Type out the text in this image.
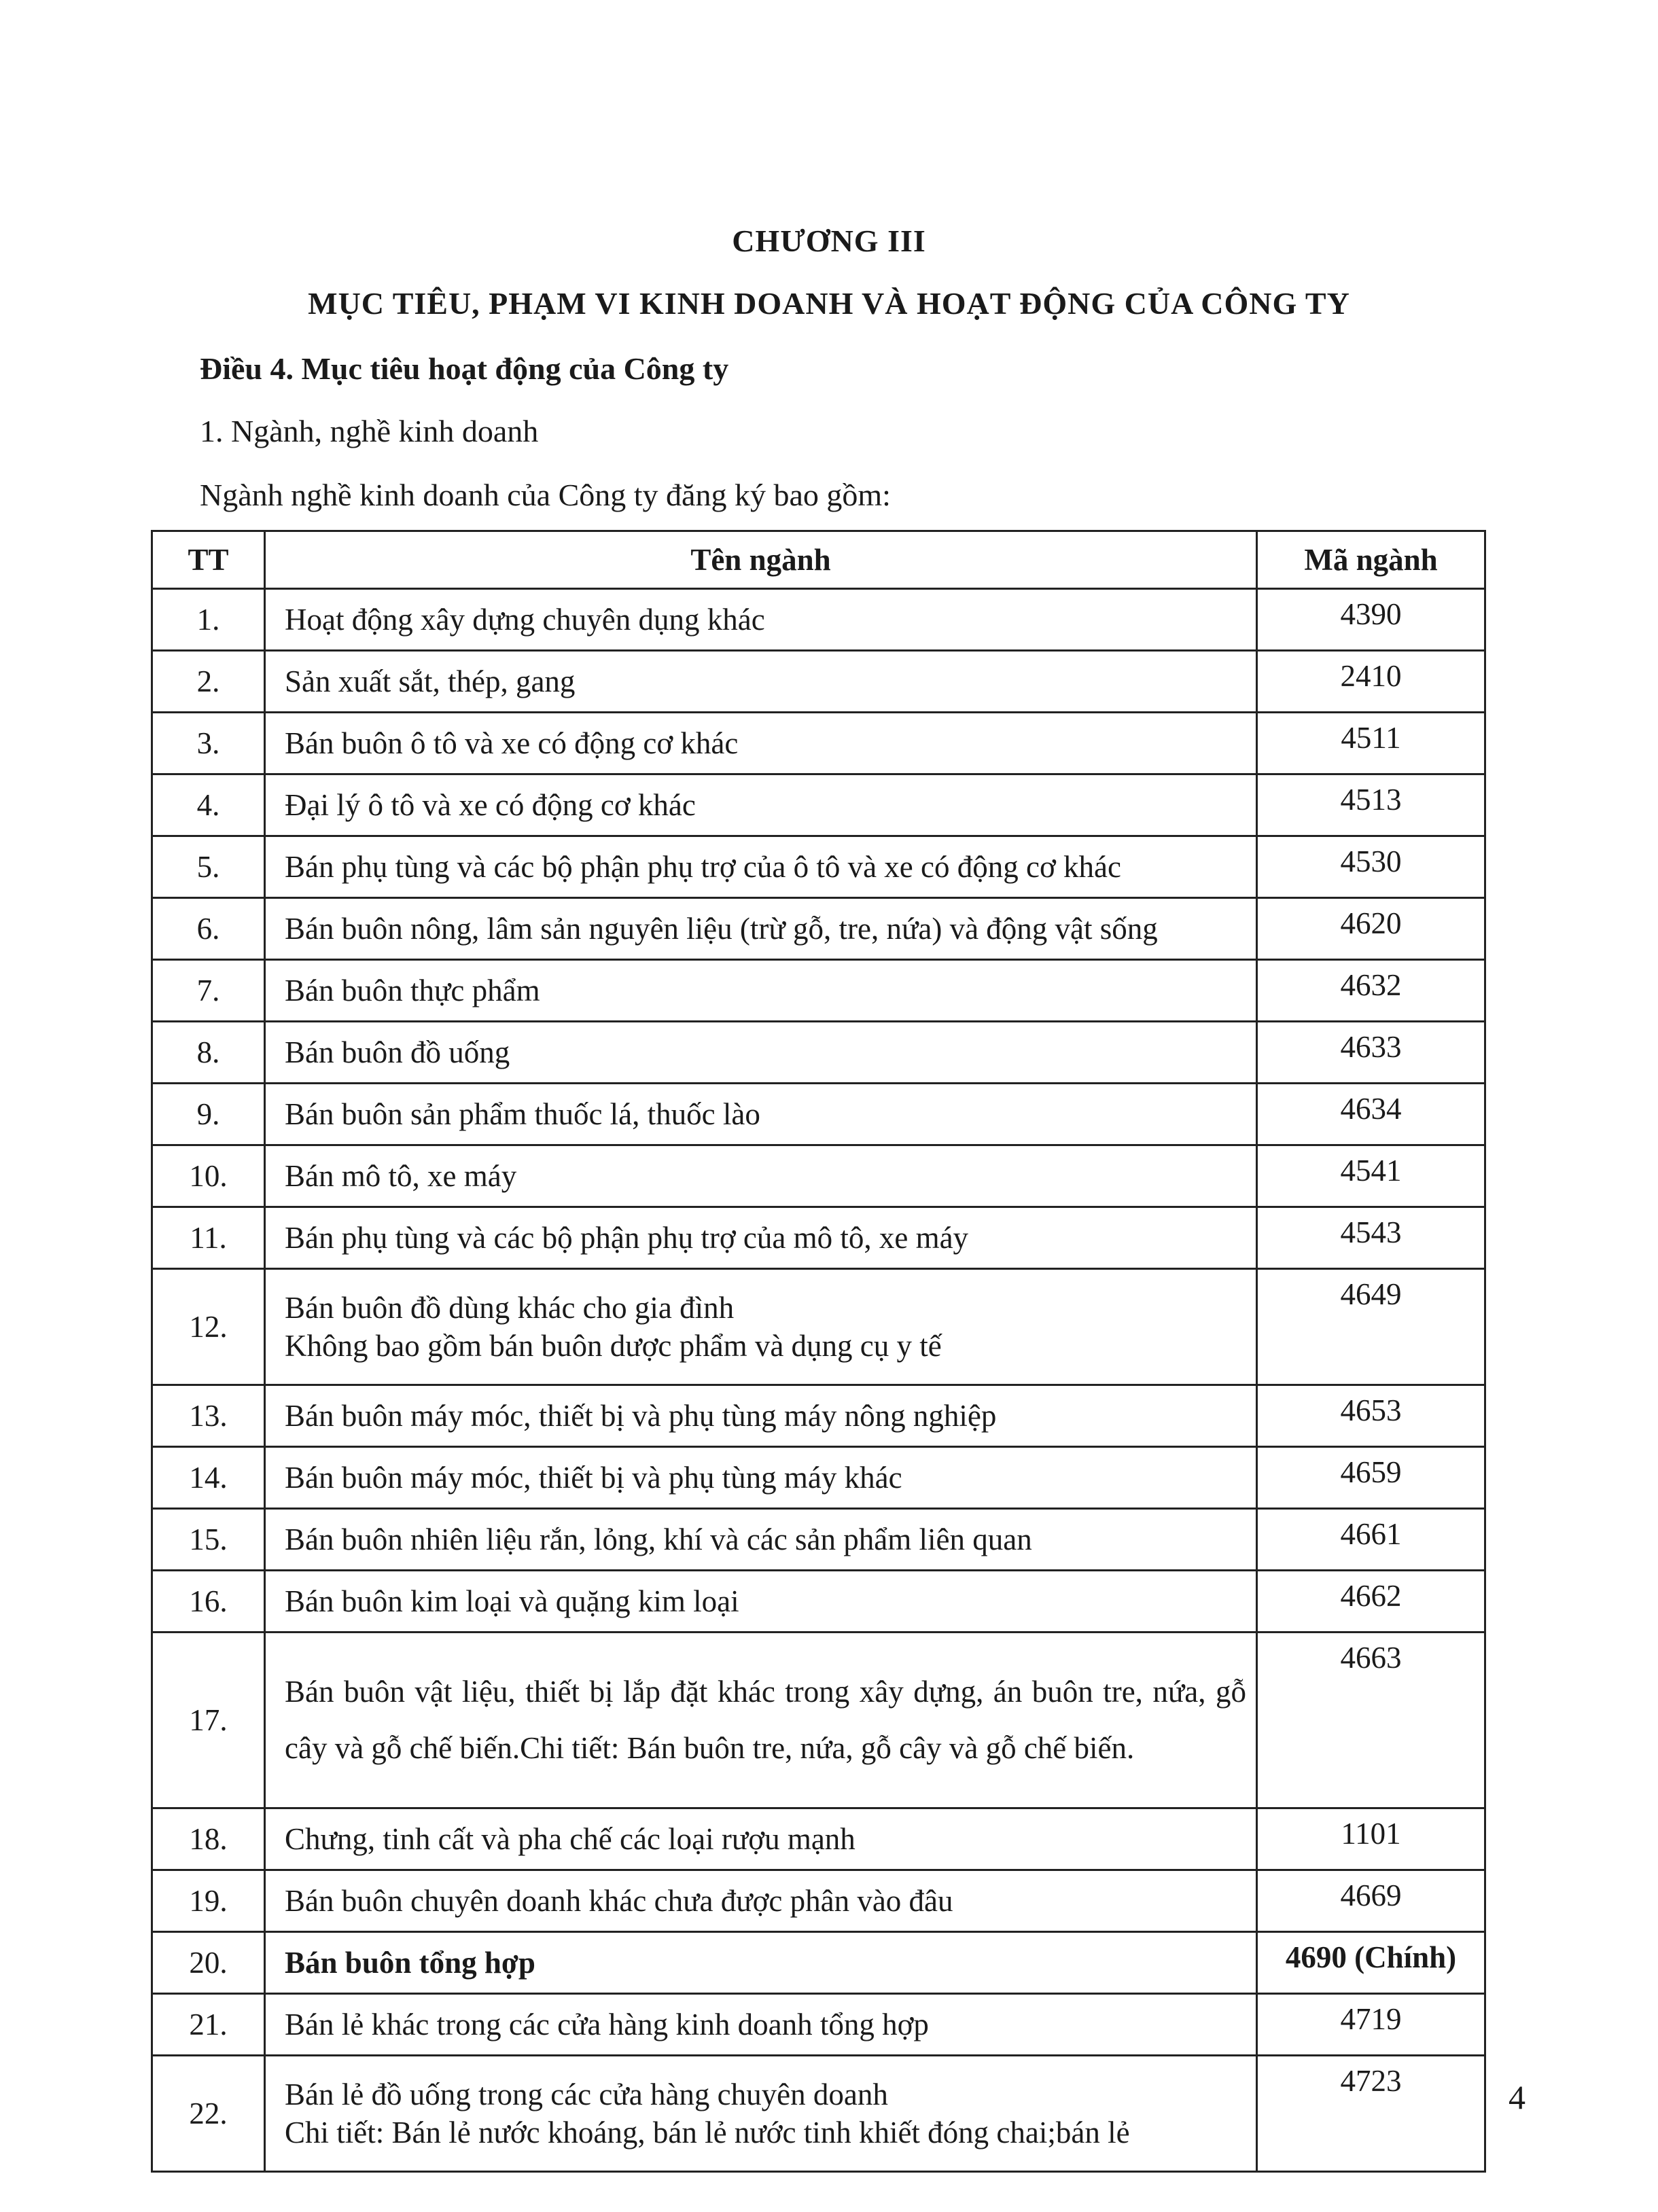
CHƯƠNG III
MỤC TIÊU, PHẠM VI KINH DOANH VÀ HOẠT ĐỘNG CỦA CÔNG TY
Điều 4. Mục tiêu hoạt động của Công ty
1. Ngành, nghề kinh doanh
Ngành nghề kinh doanh của Công ty đăng ký bao gồm:
TT	Tên ngành	Mã ngành
1.	Hoạt động xây dựng chuyên dụng khác	4390
2.	Sản xuất sắt, thép, gang	2410
3.	Bán buôn ô tô và xe có động cơ khác	4511
4.	Đại lý ô tô và xe có động cơ khác	4513
5.	Bán phụ tùng và các bộ phận phụ trợ của ô tô và xe có động cơ khác	4530
6.	Bán buôn nông, lâm sản nguyên liệu (trừ gỗ, tre, nứa) và động vật sống	4620
7.	Bán buôn thực phẩm	4632
8.	Bán buôn đồ uống	4633
9.	Bán buôn sản phẩm thuốc lá, thuốc lào	4634
10.	Bán mô tô, xe máy	4541
11.	Bán phụ tùng và các bộ phận phụ trợ của mô tô, xe máy	4543
12.	Bán buôn đồ dùng khác cho gia đình
Không bao gồm bán buôn dược phẩm và dụng cụ y tế	4649
13.	Bán buôn máy móc, thiết bị và phụ tùng máy nông nghiệp	4653
14.	Bán buôn máy móc, thiết bị và phụ tùng máy khác	4659
15.	Bán buôn nhiên liệu rắn, lỏng, khí và các sản phẩm liên quan	4661
16.	Bán buôn kim loại và quặng kim loại	4662
17.	Bán buôn vật liệu, thiết bị lắp đặt khác trong xây dựng, án buôn tre, nứa, gỗ cây và gỗ chế biến.Chi tiết: Bán buôn tre, nứa, gỗ cây và gỗ chế biến.	4663
18.	Chưng, tinh cất và pha chế các loại rượu mạnh	1101
19.	Bán buôn chuyên doanh khác chưa được phân vào đâu	4669
20.	Bán buôn tổng hợp	4690 (Chính)
21.	Bán lẻ khác trong các cửa hàng kinh doanh tổng hợp	4719
22.	Bán lẻ đồ uống trong các cửa hàng chuyên doanh
Chi tiết: Bán lẻ nước khoáng, bán lẻ nước tinh khiết đóng chai;bán lẻ	4723	4
